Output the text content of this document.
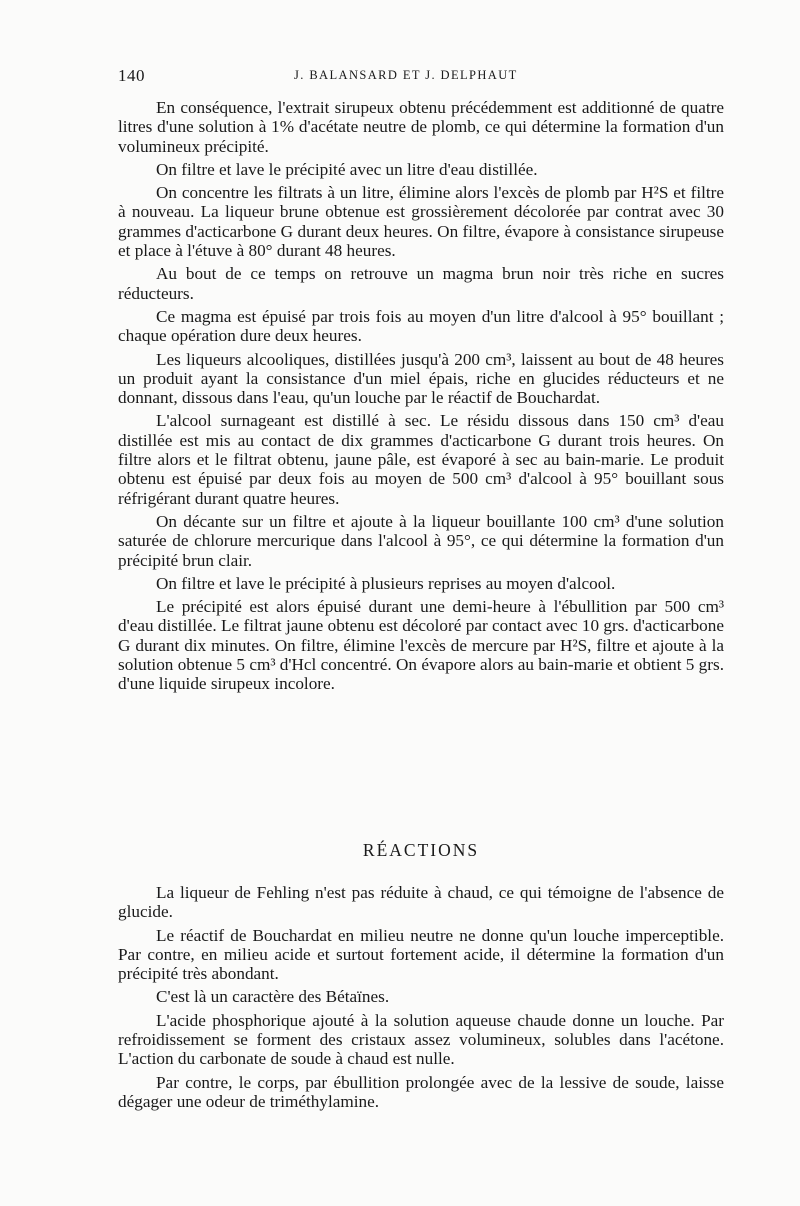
140	J. BALANSARD ET J. DELPHAUT

En conséquence, l'extrait sirupeux obtenu précédemment est additionné de quatre litres d'une solution à 1% d'acétate neutre de plomb, ce qui détermine la formation d'un volumineux précipité.

On filtre et lave le précipité avec un litre d'eau distillée.

On concentre les filtrats à un litre, élimine alors l'excès de plomb par H²S et filtre à nouveau. La liqueur brune obtenue est grossièrement décolorée par contrat avec 30 grammes d'acticarbone G durant deux heures. On filtre, évapore à consistance sirupeuse et place à l'étuve à 80° durant 48 heures.

Au bout de ce temps on retrouve un magma brun noir très riche en sucres réducteurs.

Ce magma est épuisé par trois fois au moyen d'un litre d'alcool à 95° bouillant ; chaque opération dure deux heures.

Les liqueurs alcooliques, distillées jusqu'à 200 cm³, laissent au bout de 48 heures un produit ayant la consistance d'un miel épais, riche en glucides réducteurs et ne donnant, dissous dans l'eau, qu'un louche par le réactif de Bouchardat.

L'alcool surnageant est distillé à sec. Le résidu dissous dans 150 cm³ d'eau distillée est mis au contact de dix grammes d'acticarbone G durant trois heures. On filtre alors et le filtrat obtenu, jaune pâle, est évaporé à sec au bain-marie. Le produit obtenu est épuisé par deux fois au moyen de 500 cm³ d'alcool à 95° bouillant sous réfrigérant durant quatre heures.

On décante sur un filtre et ajoute à la liqueur bouillante 100 cm³ d'une solution saturée de chlorure mercurique dans l'alcool à 95°, ce qui détermine la formation d'un précipité brun clair.

On filtre et lave le précipité à plusieurs reprises au moyen d'alcool.

Le précipité est alors épuisé durant une demi-heure à l'ébullition par 500 cm³ d'eau distillée. Le filtrat jaune obtenu est décoloré par contact avec 10 grs. d'acticarbone G durant dix minutes. On filtre, élimine l'excès de mercure par H²S, filtre et ajoute à la solution obtenue 5 cm³ d'Hcl concentré. On évapore alors au bain-marie et obtient 5 grs. d'une liquide sirupeux incolore.

RÉACTIONS

La liqueur de Fehling n'est pas réduite à chaud, ce qui témoigne de l'absence de glucide.

Le réactif de Bouchardat en milieu neutre ne donne qu'un louche imperceptible. Par contre, en milieu acide et surtout fortement acide, il détermine la formation d'un précipité très abondant.

C'est là un caractère des Bétaïnes.

L'acide phosphorique ajouté à la solution aqueuse chaude donne un louche. Par refroidissement se forment des cristaux assez volumineux, solubles dans l'acétone. L'action du carbonate de soude à chaud est nulle.

Par contre, le corps, par ébullition prolongée avec de la lessive de soude, laisse dégager une odeur de triméthylamine.
